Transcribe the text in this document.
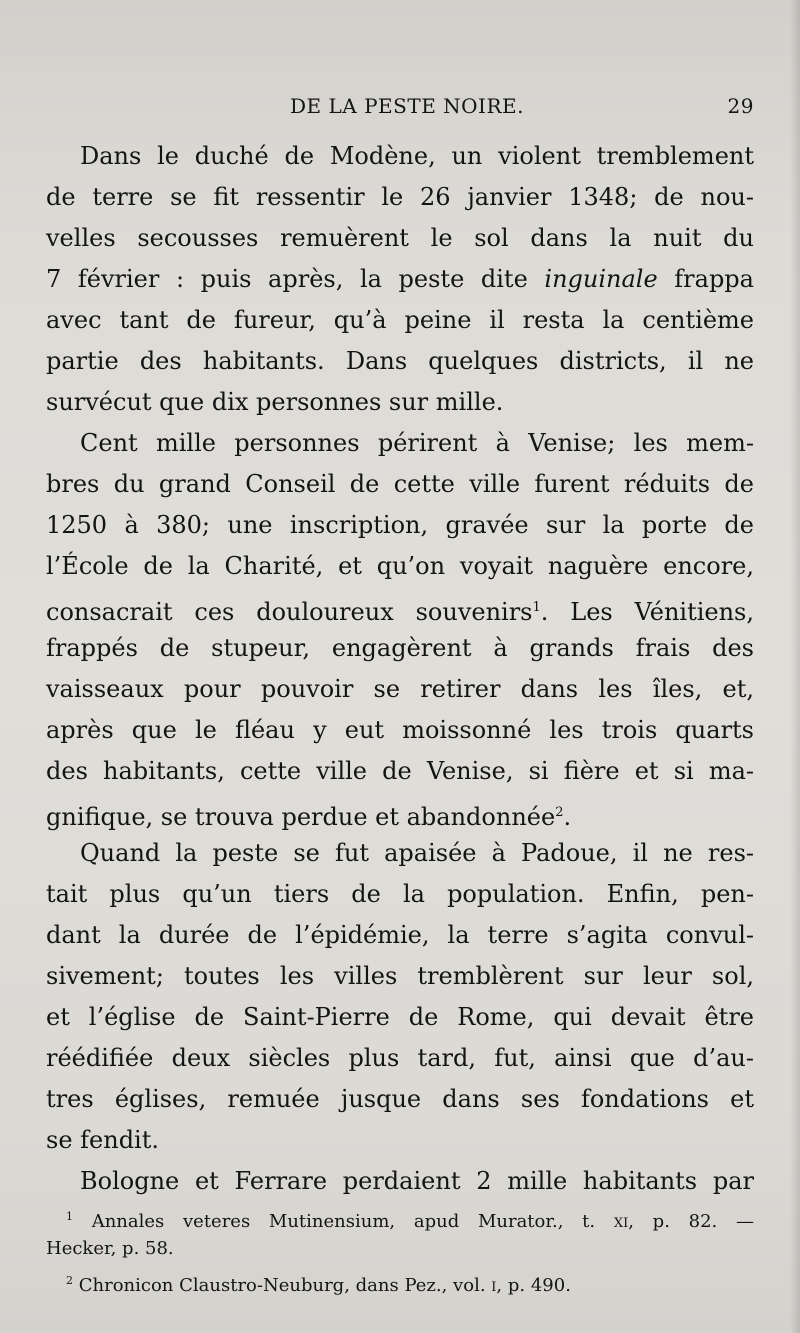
DE LA PESTE NOIRE.	29
Dans le duché de Modène, un violent tremblement
de terre se fit ressentir le 26 janvier 1348; de nou-
velles secousses remuèrent le sol dans la nuit du
7 février : puis après, la peste dite inguinale frappa
avec tant de fureur, qu’à peine il resta la centième
partie des habitants. Dans quelques districts, il ne
survécut que dix personnes sur mille.
Cent mille personnes périrent à Venise; les mem-
bres du grand Conseil de cette ville furent réduits de
1250 à 380; une inscription, gravée sur la porte de
l’École de la Charité, et qu’on voyait naguère encore,
consacrait ces douloureux souvenirs$^1$. Les Vénitiens,
frappés de stupeur, engagèrent à grands frais des
vaisseaux pour pouvoir se retirer dans les îles, et,
après que le fléau y eut moissonné les trois quarts
des habitants, cette ville de Venise, si fière et si ma-
gnifique, se trouva perdue et abandonnée$^2$.
Quand la peste se fut apaisée à Padoue, il ne res-
tait plus qu’un tiers de la population. Enfin, pen-
dant la durée de l’épidémie, la terre s’agita convul-
sivement; toutes les villes tremblèrent sur leur sol,
et l’église de Saint-Pierre de Rome, qui devait être
réédifiée deux siècles plus tard, fut, ainsi que d’au-
tres églises, remuée jusque dans ses fondations et
se fendit.
Bologne et Ferrare perdaient 2 mille habitants par
$^1$ Annales veteres Mutinensium, apud Murator., t. xi, p. 82. —
Hecker, p. 58.
$^2$ Chronicon Claustro-Neuburg, dans Pez., vol. i, p. 490.
